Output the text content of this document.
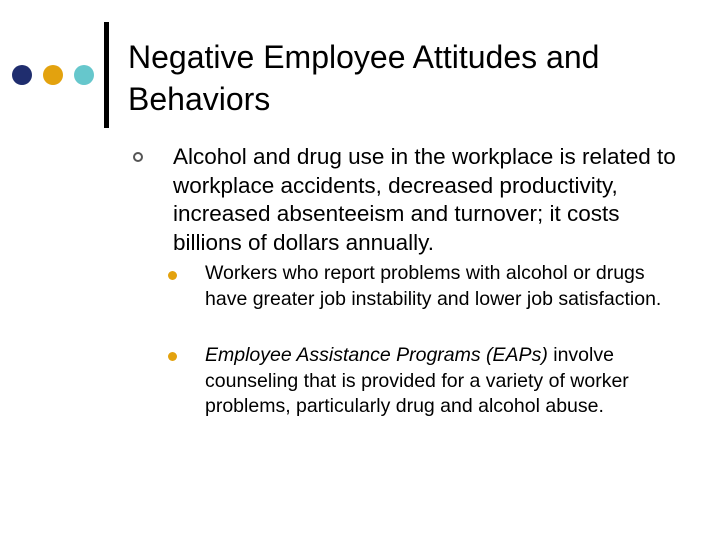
Negative Employee Attitudes and Behaviors
Alcohol and drug use in the workplace is related to workplace accidents, decreased productivity, increased absenteeism and turnover; it costs billions of dollars annually.
Workers who report problems with alcohol or drugs have greater job instability and lower job satisfaction.
Employee Assistance Programs (EAPs) involve counseling that is provided for a variety of worker problems, particularly drug and alcohol abuse.
